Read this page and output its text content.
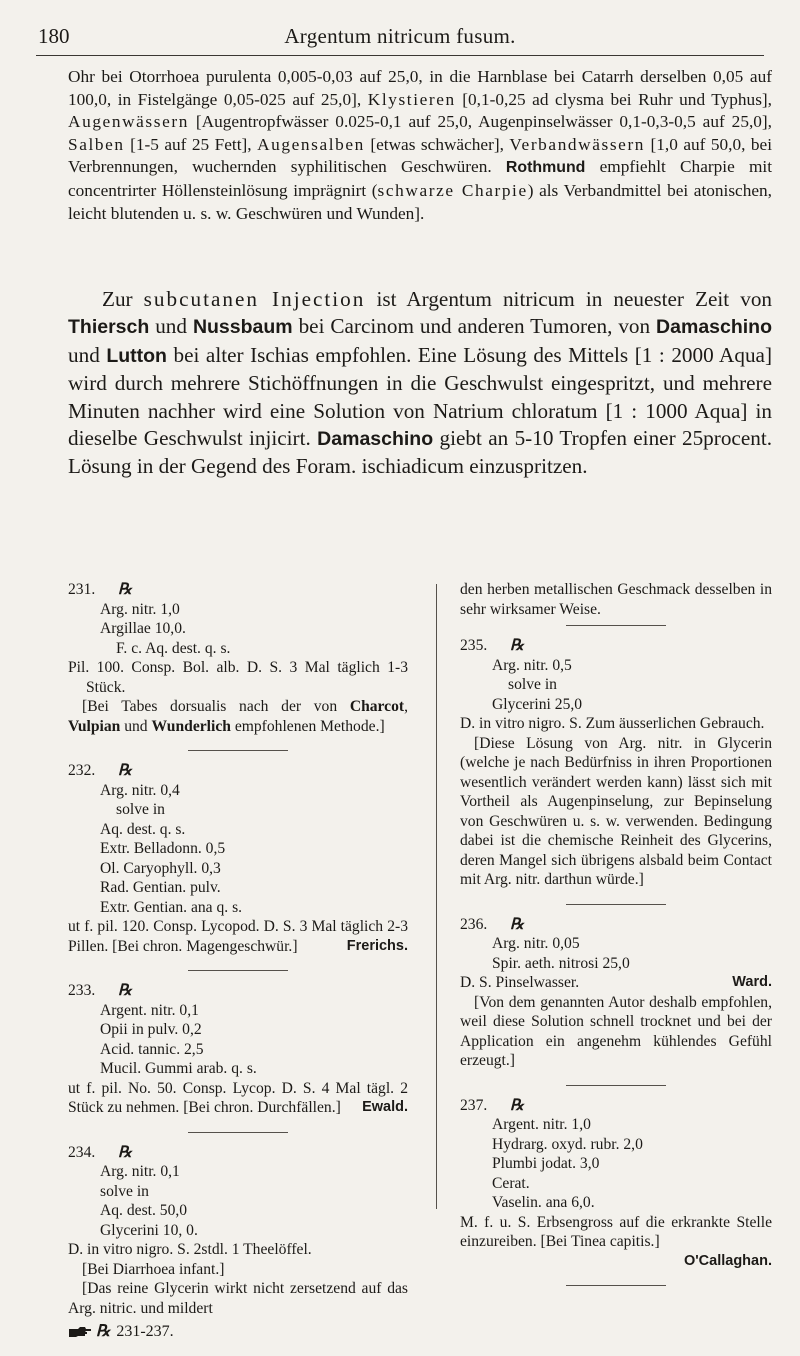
180	Argentum nitricum fusum.

Ohr bei Otorrhoea purulenta 0,005-0,03 auf 25,0, in die Harnblase bei Catarrh derselben 0,05 auf 100,0, in Fistelgänge 0,05-025 auf 25,0], Klystieren [0,1-0,25 ad clysma bei Ruhr und Typhus], Augenwässern [Augentropfwässer 0.025-0,1 auf 25,0, Augenpinselwässer 0,1-0,3-0,5 auf 25,0], Salben [1-5 auf 25 Fett], Augensalben [etwas schwächer], Verbandwässern [1,0 auf 50,0, bei Verbrennungen, wuchernden syphilitischen Geschwüren. Rothmund empfiehlt Charpie mit concentrirter Höllensteinlösung imprägnirt (schwarze Charpie) als Verbandmittel bei atonischen, leicht blutenden u. s. w. Geschwüren und Wunden].

Zur subcutanen Injection ist Argentum nitricum in neuester Zeit von Thiersch und Nussbaum bei Carcinom und anderen Tumoren, von Damaschino und Lutton bei alter Ischias empfohlen. Eine Lösung des Mittels [1 : 2000 Aqua] wird durch mehrere Stichöffnungen in die Geschwulst eingespritzt, und mehrere Minuten nachher wird eine Solution von Natrium chloratum [1 : 1000 Aqua] in dieselbe Geschwulst injicirt. Damaschino giebt an 5-10 Tropfen einer 25procent. Lösung in der Gegend des Foram. ischiadicum einzuspritzen.

231. ℞
Arg. nitr. 1,0
Argillae 10,0.
F. c. Aq. dest. q. s.
Pil. 100. Consp. Bol. alb. D. S. 3 Mal täglich 1-3 Stück.
[Bei Tabes dorsualis nach der von Charcot, Vulpian und Wunderlich empfohlenen Methode.]
232. ℞
Arg. nitr. 0,4
solve in
Aq. dest. q. s.
Extr. Belladonn. 0,5
Ol. Caryophyll. 0,3
Rad. Gentian. pulv.
Extr. Gentian. ana q. s.
ut f. pil. 120. Consp. Lycopod. D. S. 3 Mal täglich 2-3 Pillen. [Bei chron. Magengeschwür.]	Frerichs.
233. ℞
Argent. nitr. 0,1
Opii in pulv. 0,2
Acid. tannic. 2,5
Mucil. Gummi arab. q. s.
ut f. pil. No. 50. Consp. Lycop. D. S. 4 Mal tägl. 2 Stück zu nehmen. [Bei chron. Durchfällen.] Ewald.
234. ℞
Arg. nitr. 0,1
solve in
Aq. dest. 50,0
Glycerini 10, 0.
D. in vitro nigro. S. 2stdl. 1 Theelöffel.
[Bei Diarrhoea infant.]
[Das reine Glycerin wirkt nicht zersetzend auf das Arg. nitric. und mildert
℞ 231-237.
den herben metallischen Geschmack desselben in sehr wirksamer Weise.
235. ℞
Arg. nitr. 0,5
solve in
Glycerini 25,0
D. in vitro nigro. S. Zum äusserlichen Gebrauch.
[Diese Lösung von Arg. nitr. in Glycerin (welche je nach Bedürfniss in ihren Proportionen wesentlich verändert werden kann) lässt sich mit Vortheil als Augenpinselung, zur Bepinselung von Geschwüren u. s. w. verwenden. Bedingung dabei ist die chemische Reinheit des Glycerins, deren Mangel sich übrigens alsbald beim Contact mit Arg. nitr. darthun würde.]
236. ℞
Arg. nitr. 0,05
Spir. aeth. nitrosi 25,0
D. S. Pinselwasser.	Ward.
[Von dem genannten Autor deshalb empfohlen, weil diese Solution schnell trocknet und bei der Application ein angenehm kühlendes Gefühl erzeugt.]
237. ℞
Argent. nitr. 1,0
Hydrarg. oxyd. rubr. 2,0
Plumbi jodat. 3,0
Cerat.
Vaselin. ana 6,0.
M. f. u. S. Erbsengross auf die erkrankte Stelle einzureiben. [Bei Tinea capitis.]
O'Callaghan.
